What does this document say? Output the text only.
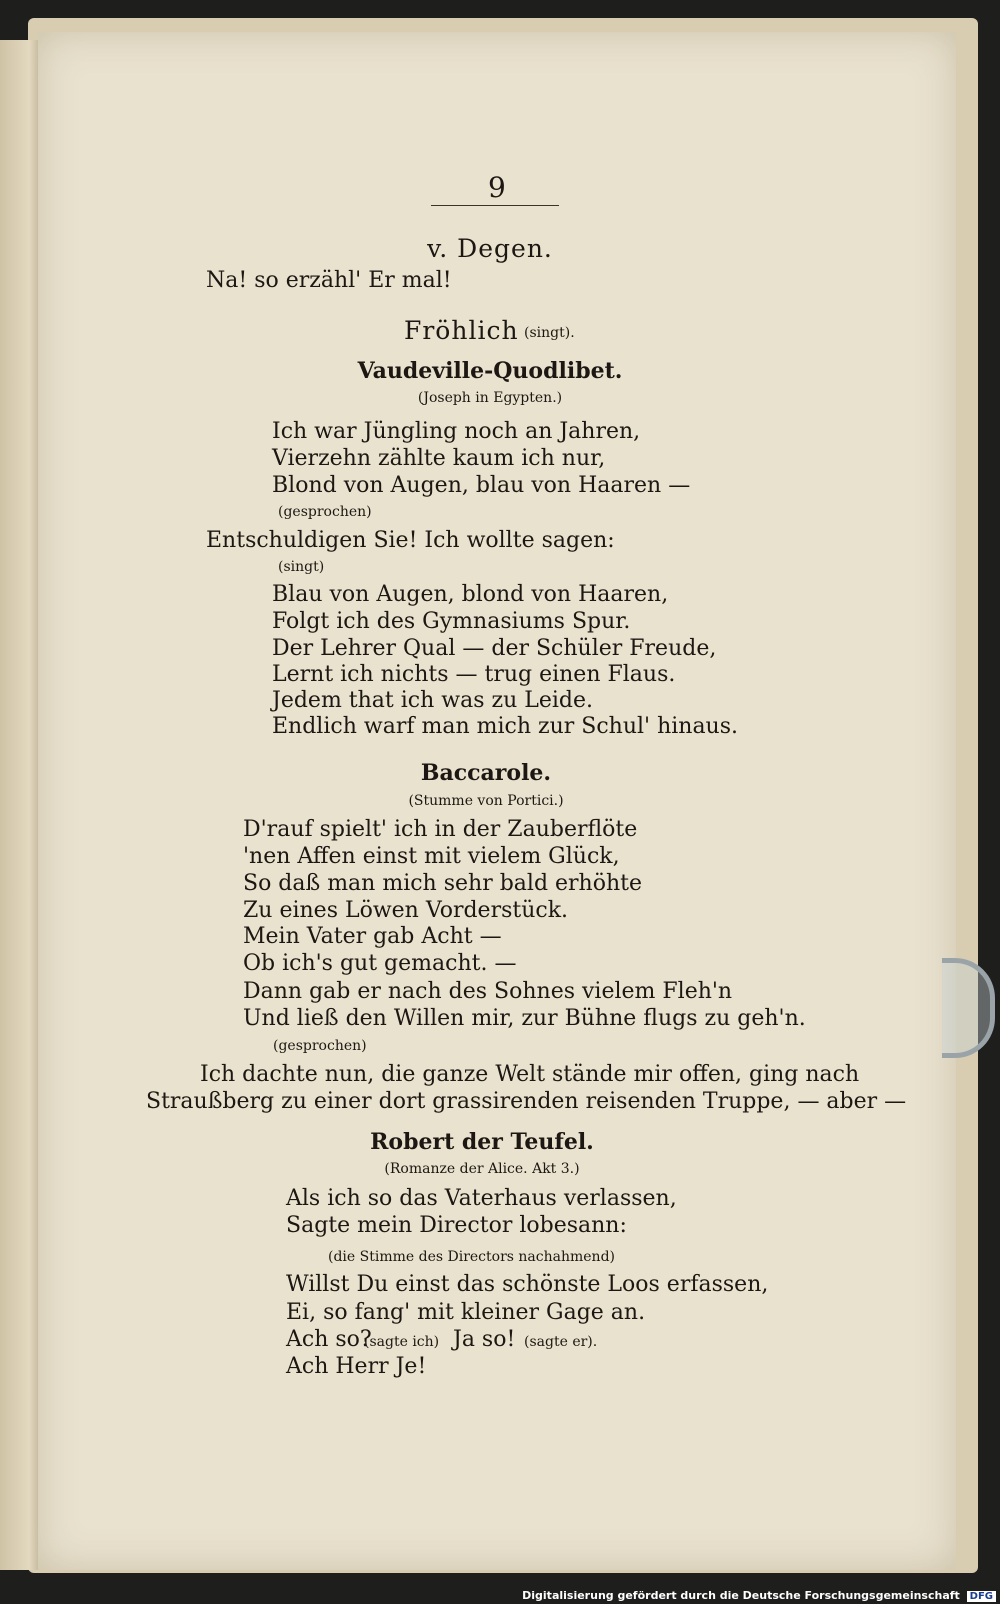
9
v. Degen.
Na! so erzähl' Er mal!
Fröhlich (singt).
Vaudeville-Quodlibet.
(Joseph in Egypten.)
Ich war Jüngling noch an Jahren,
Vierzehn zählte kaum ich nur,
Blond von Augen, blau von Haaren —
(gesprochen)
Entschuldigen Sie! Ich wollte sagen:
(singt)
Blau von Augen, blond von Haaren,
Folgt ich des Gymnasiums Spur.
Der Lehrer Qual — der Schüler Freude,
Lernt ich nichts — trug einen Flaus.
Jedem that ich was zu Leide.
Endlich warf man mich zur Schul' hinaus.
Baccarole.
(Stumme von Portici.)
D'rauf spielt' ich in der Zauberflöte
'nen Affen einst mit vielem Glück,
So daß man mich sehr bald erhöhte
Zu eines Löwen Vorderstück.
Mein Vater gab Acht —
Ob ich's gut gemacht. —
Dann gab er nach des Sohnes vielem Fleh'n
Und ließ den Willen mir, zur Bühne flugs zu geh'n.
(gesprochen)
Ich dachte nun, die ganze Welt stände mir offen, ging nach
Straußberg zu einer dort grassirenden reisenden Truppe, — aber —
Robert der Teufel.
(Romanze der Alice. Akt 3.)
Als ich so das Vaterhaus verlassen,
Sagte mein Director lobesann:
(die Stimme des Directors nachahmend)
Willst Du einst das schönste Loos erfassen,
Ei, so fang' mit kleiner Gage an.
Ach so?
(sagte ich) Ja so! (sagte er).
Ach Herr Je!
Digitalisierung gefördert durch die Deutsche Forschungsgemeinschaft DFG
